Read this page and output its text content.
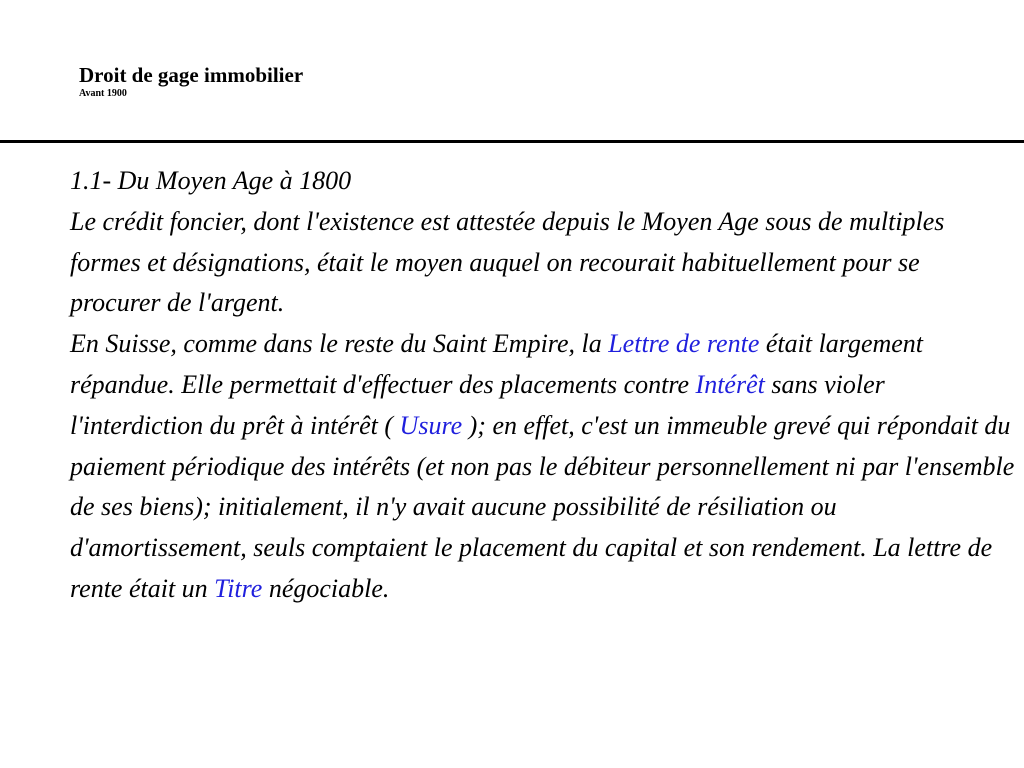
Droit de gage immobilier
Avant 1900

1.1- Du Moyen Age à 1800

Le crédit foncier, dont l'existence est attestée depuis le Moyen Age sous de multiples formes et désignations, était le moyen auquel on recourait habituellement pour se procurer de l'argent.

En Suisse, comme dans le reste du Saint Empire, la Lettre de rente était largement répandue. Elle permettait d'effectuer des placements contre Intérêt sans violer l'interdiction du prêt à intérêt ( Usure ); en effet, c'est un immeuble grevé qui répondait du paiement périodique des intérêts (et non pas le débiteur personnellement ni par l'ensemble de ses biens); initialement, il n'y avait aucune possibilité de résiliation ou d'amortissement, seuls comptaient le placement du capital et son rendement. La lettre de rente était un Titre négociable.
